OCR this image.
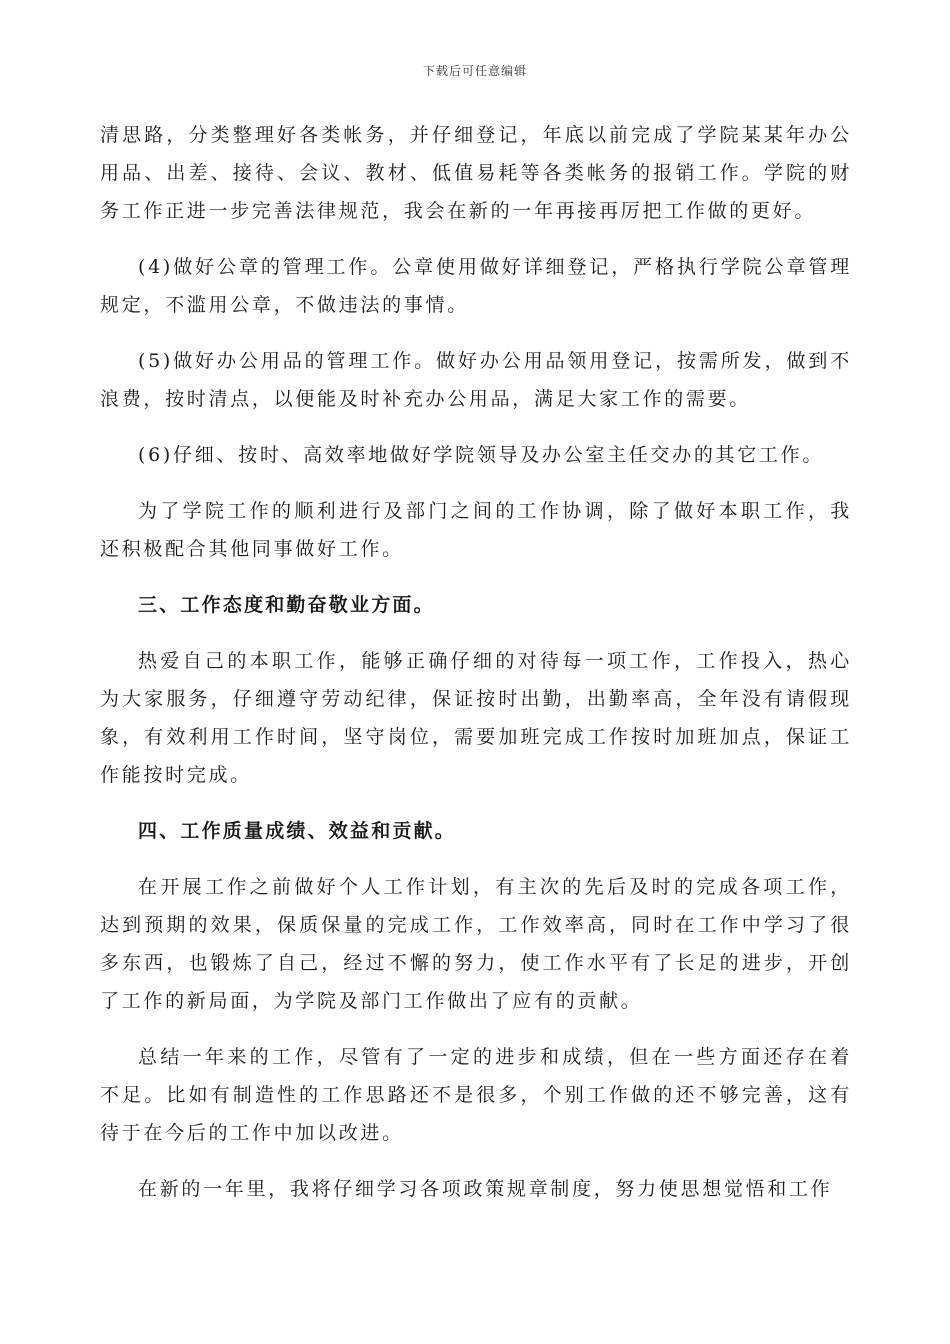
下载后可任意编辑

清思路，分类整理好各类帐务，并仔细登记，年底以前完成了学院某某年办公用品、出差、接待、会议、教材、低值易耗等各类帐务的报销工作。学院的财务工作正进一步完善法律规范，我会在新的一年再接再厉把工作做的更好。

(4)做好公章的管理工作。公章使用做好详细登记，严格执行学院公章管理规定，不滥用公章，不做违法的事情。

(5)做好办公用品的管理工作。做好办公用品领用登记，按需所发，做到不浪费，按时清点，以便能及时补充办公用品，满足大家工作的需要。

(6)仔细、按时、高效率地做好学院领导及办公室主任交办的其它工作。

为了学院工作的顺利进行及部门之间的工作协调，除了做好本职工作，我还积极配合其他同事做好工作。

三、工作态度和勤奋敬业方面。

热爱自己的本职工作，能够正确仔细的对待每一项工作，工作投入，热心为大家服务，仔细遵守劳动纪律，保证按时出勤，出勤率高，全年没有请假现象，有效利用工作时间，坚守岗位，需要加班完成工作按时加班加点，保证工作能按时完成。

四、工作质量成绩、效益和贡献。

在开展工作之前做好个人工作计划，有主次的先后及时的完成各项工作，达到预期的效果，保质保量的完成工作，工作效率高，同时在工作中学习了很多东西，也锻炼了自己，经过不懈的努力，使工作水平有了长足的进步，开创了工作的新局面，为学院及部门工作做出了应有的贡献。

总结一年来的工作，尽管有了一定的进步和成绩，但在一些方面还存在着不足。比如有制造性的工作思路还不是很多，个别工作做的还不够完善，这有待于在今后的工作中加以改进。

在新的一年里，我将仔细学习各项政策规章制度，努力使思想觉悟和工作
